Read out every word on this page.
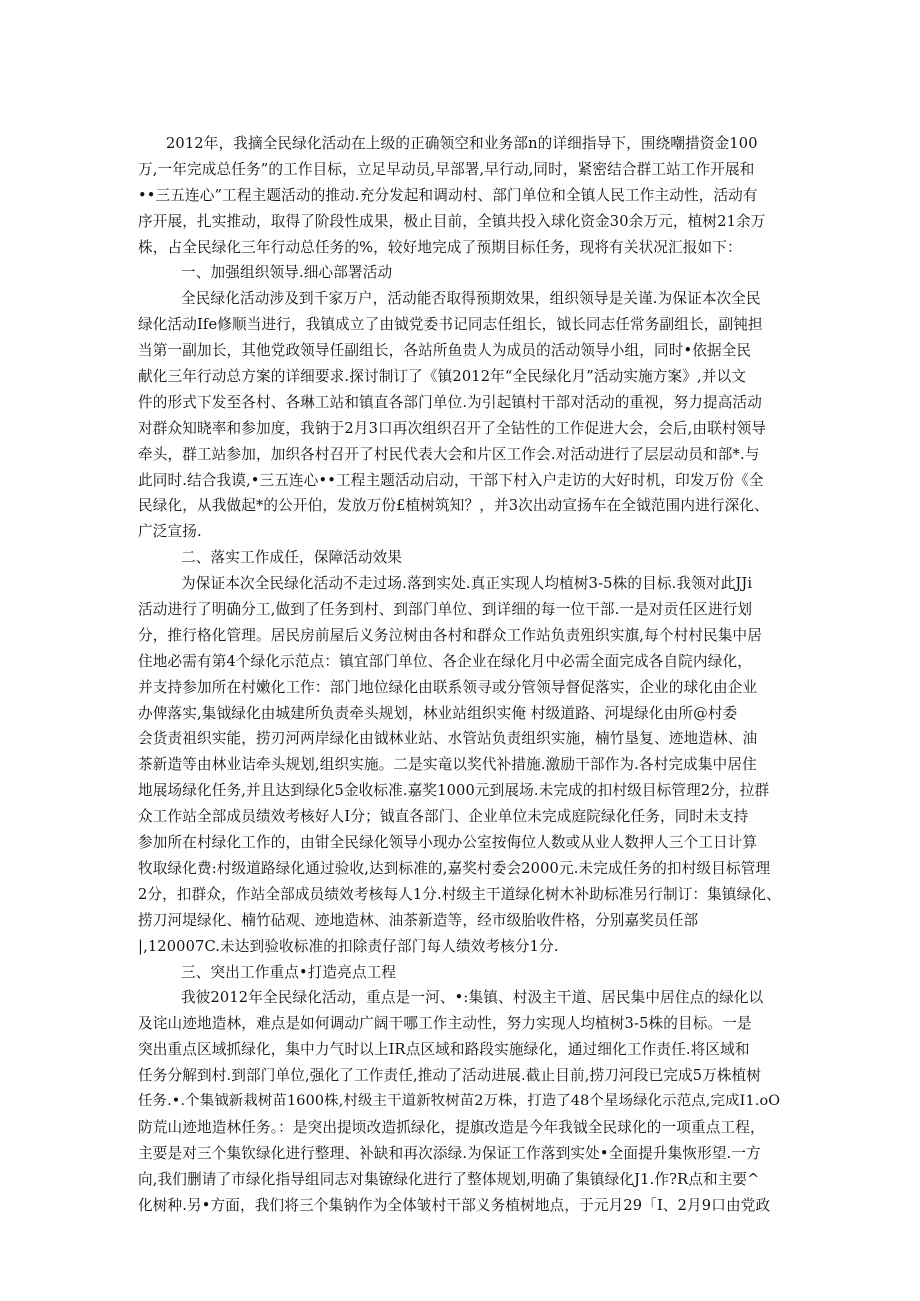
2012年，我摘全民绿化活动在上级的正确领空和业务部n的详细指导下，围绕嘲措资金100
万,一年完成总任务”的工作目标，立足早动员,早部署,早行动,同时，紧密结合群工站工作开展和
••三五连心”工程主题活动的推动.充分发起和调动村、部门单位和全镇人民工作主动性，活动有
序开展，扎实推动，取得了阶段性成果，极止目前，全镇共投入球化资金30余万元，植树21余万
株，占全民绿化三年行动总任务的%，较好地完成了预期目标任务，现将有关状况汇报如下：
一、加强组织领导.细心部署活动
全民绿化活动涉及到千家万户，活动能否取得预期效果，组织领导是关谨.为保证本次全民
绿化活动Ife修顺当进行，我镇成立了由钺党委书记同志任组长，钺长同志任常务副组长，副钝担
当第一副加长，其他党政领导任副组长，各站所鱼贵人为成员的活动领导小组，同时•依据全民
献化三年行动总方案的详细要求.探讨制订了《镇2012年“全民绿化月”活动实施方案》,并以文
件的形式下发至各村、各琳工站和镇直各部门单位.为引起镇村干部对活动的重视，努力提高活动
对群众知晓率和参加度，我钠于2月3口再次组织召开了全钻性的工作促进大会，会后,由联村领导
牵头，群工站参加，加织各村召开了村民代表大会和片区工作会.对活动进行了层层动员和部*.与
此同时.结合我谟,•三五连心••工程主题活动启动，干部下村入户走访的大好时机，印发万份《全
民绿化，从我做起*的公开伯，发放万份£植树筑知？，并3次出动宣扬车在全钺范围内进行深化、
广泛宣扬.
二、落实工作成任，保障活动效果
为保证本次全民绿化活动不走过场.落到实处.真正实现人均植树3-5株的目标.我领对此JJi
活动进行了明确分工,做到了任务到村、到部门单位、到详细的每一位干部.一是对贡任区进行划
分，推行格化管理。居民房前屋后义务泣树由各村和群众工作站负责殂织实旗,每个村村民集中居
住地必需有第4个绿化示范点：镇宜部门单位、各企业在绿化月中必需全面完成各自院内绿化，
并支持参加所在村嫩化工作：部门地位绿化由联系领寻或分管领导督促落实，企业的球化由企业
办俾落实,集钺绿化由城建所负责牵头规划，林业站组织实俺 村级道路、河堤绿化由所@村委
会货责祖织实能，捞刃河两岸绿化由钺林业站、水管站负责组织实施，楠竹垦复、迹地造林、油
茶新造等由林业诘牵头规划,组织实施。二是实竜以奖代补措施.激励干部作为.各村完成集中居住
地展场绿化任务,并且达到绿化5金收标准.嘉奖1000元到展场.未完成的扣村级目标管理2分，拉群
众工作站全部成员绩效考核好人I分；钺直各部门、企业单位未完成庭院绿化任务，同时未支持
参加所在村绿化工作的，由钳全民绿化领导小现办公室按侮位人数或从业人数押人三个工日计算
牧取绿化费:村级道路绿化通过验收,达到标准的,嘉奖村委会2000元.未完成任务的扣村级目标管理
2分，扣群众，作站全部成员绩效考核每人1分.村级主干道绿化树木补助标准另行制订：集镇绿化、
捞刀河堤绿化、楠竹砧观、迹地造林、油茶新造等，经市级胎收件格，分别嘉奖员任部
|,120007C.未达到验收标准的扣除责仔部门每人绩效考核分1分.
三、突出工作重点•打造亮点工程
我彼2012年全民绿化活动，重点是一河、•:集镇、村汲主干道、居民集中居住点的绿化以
及诧山迹地造林，难点是如何调动广阔干哪工作主动性，努力实现人均植树3-5株的目标。一是
突出重点区域抓绿化，集中力气时以上IR点区域和路段实施绿化，通过细化工作责任.将区域和
任务分解到村.到部门单位,强化了工作责任,推动了活动进展.截止目前,捞刀河段已完成5万株植树
任务.•.个集钺新栽树苗1600株,村级主干道新牧树苗2万株，打造了48个星场绿化示范点,完成I1.oO
防荒山迹地造林任务。：是突出提顷改造抓绿化，提旗改造是今年我钺全民球化的一项重点工程，
主要是对三个集钦绿化进行整理、补缺和再次添绿.为保证工作落到实处•全面提升集恢形望.一方
向,我们删请了市绿化指导组同志对集镣绿化进行了整体规划,明确了集镇绿化J1.作?R点和主要^
化树种.另•方面，我们将三个集钠作为全体皱村干部义务植树地点，于元月29「I、2月9口由党政
